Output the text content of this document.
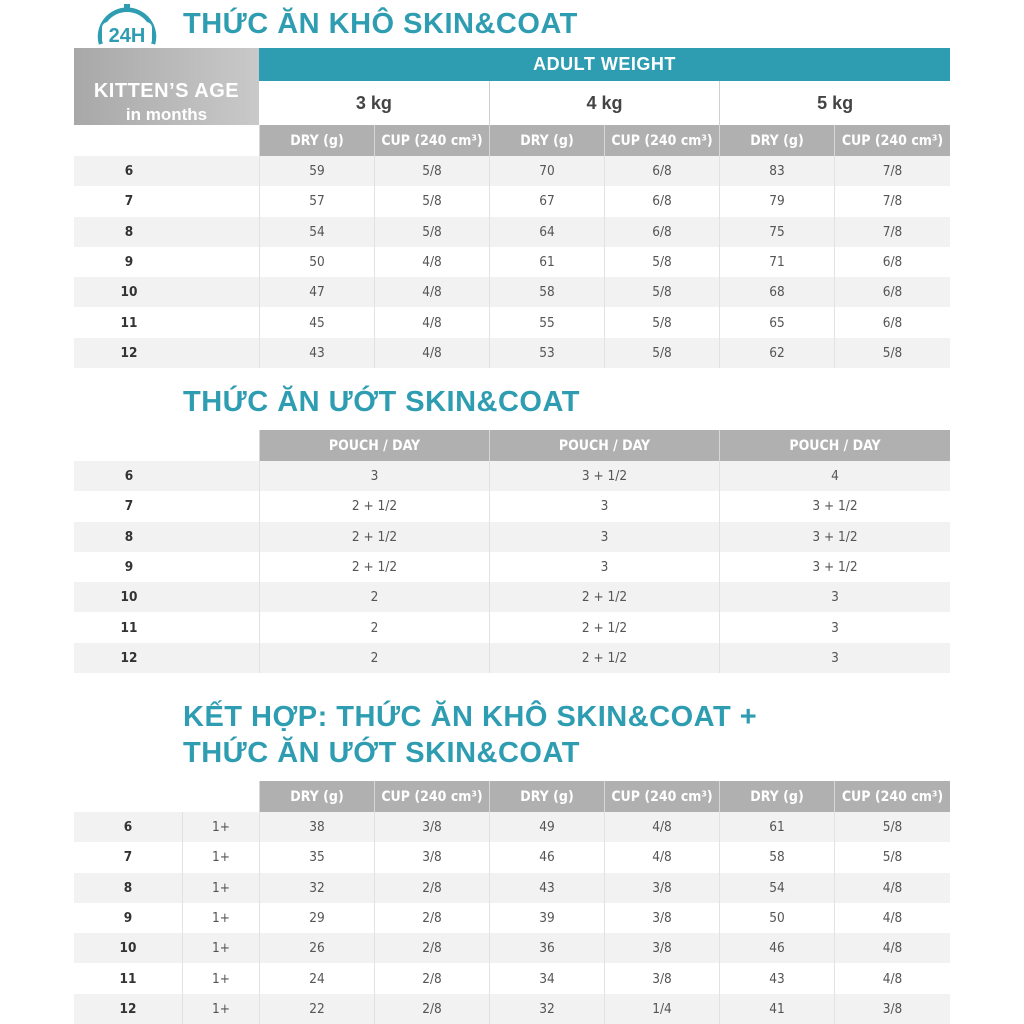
24H THỨC ĂN KHÔ SKIN&COAT
KITTEN’S AGE
in months
ADULT WEIGHT
3 kg	4 kg	5 kg
DRY (g)	CUP (240 cm³)	DRY (g)	CUP (240 cm³)	DRY (g)	CUP (240 cm³)
6	59	5/8	70	6/8	83	7/8
7	57	5/8	67	6/8	79	7/8
8	54	5/8	64	6/8	75	7/8
9	50	4/8	61	5/8	71	6/8
10	47	4/8	58	5/8	68	6/8
11	45	4/8	55	5/8	65	6/8
12	43	4/8	53	5/8	62	5/8
THỨC ĂN ƯỚT SKIN&COAT
POUCH / DAY	POUCH / DAY	POUCH / DAY
6	3	3 + 1/2	4
7	2 + 1/2	3	3 + 1/2
8	2 + 1/2	3	3 + 1/2
9	2 + 1/2	3	3 + 1/2
10	2	2 + 1/2	3
11	2	2 + 1/2	3
12	2	2 + 1/2	3
KẾT HỢP: THỨC ĂN KHÔ SKIN&COAT +
THỨC ĂN ƯỚT SKIN&COAT
DRY (g)	CUP (240 cm³)	DRY (g)	CUP (240 cm³)	DRY (g)	CUP (240 cm³)
6	1+	38	3/8	49	4/8	61	5/8
7	1+	35	3/8	46	4/8	58	5/8
8	1+	32	2/8	43	3/8	54	4/8
9	1+	29	2/8	39	3/8	50	4/8
10	1+	26	2/8	36	3/8	46	4/8
11	1+	24	2/8	34	3/8	43	4/8
12	1+	22	2/8	32	1/4	41	3/8
